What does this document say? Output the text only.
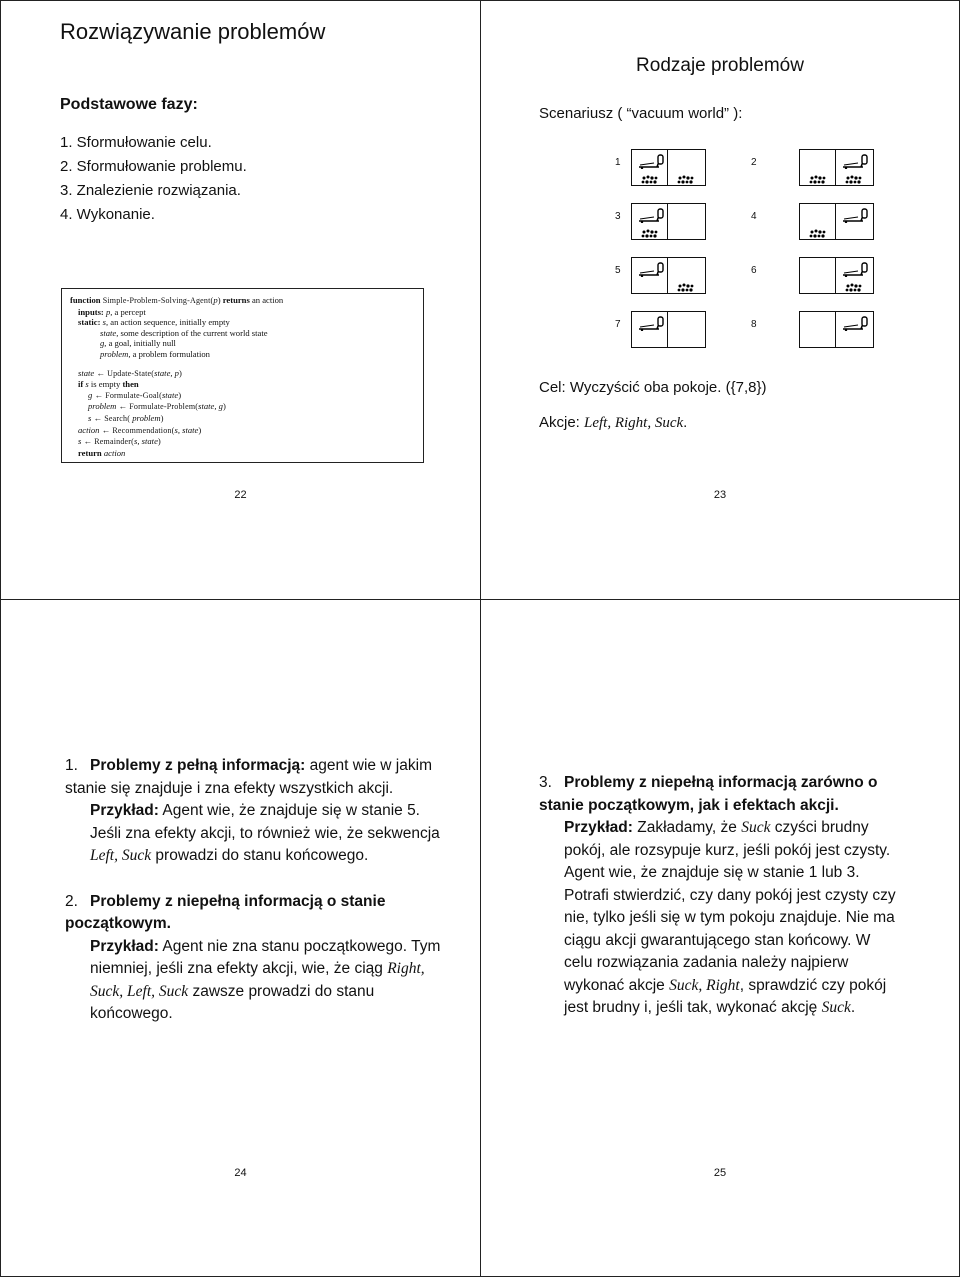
Rozwiązywanie problemów
Podstawowe fazy:
1. Sformułowanie celu.
2. Sformułowanie problemu.
3. Znalezienie rozwiązania.
4. Wykonanie.
function Simple-Problem-Solving-Agent(p) returns an action
inputs: p, a percept
static: s, an action sequence, initially empty
state, some description of the current world state
g, a goal, initially null
problem, a problem formulation
state ← Update-State(state, p)
if s is empty then
g ← Formulate-Goal(state)
problem ← Formulate-Problem(state, g)
s ← Search( problem)
action ← Recommendation(s, state)
s ← Remainder(s, state)
return action
22
Rodzaje problemów
Scenariusz ( “vacuum world” ):
1	2
3	4
5	6
7	8
Cel: Wyczyścić oba pokoje. ({7,8})
Akcje: Left, Right, Suck.
23

1. Problemy z pełną informacją: agent wie w jakim stanie się znajduje i zna efekty wszystkich akcji.

Przykład: Agent wie, że znajduje się w stanie 5. Jeśli zna efekty akcji, to również wie, że sekwencja Left, Suck prowadzi do stanu końcowego.

2. Problemy z niepełną informacją o stanie początkowym.

Przykład: Agent nie zna stanu początkowego. Tym niemniej, jeśli zna efekty akcji, wie, że ciąg Right, Suck, Left, Suck zawsze prowadzi do stanu końcowego.

24

3. Problemy z niepełną informacją zarówno o stanie początkowym, jak i efektach akcji.

Przykład: Zakładamy, że Suck czyści brudny pokój, ale rozsypuje kurz, jeśli pokój jest czysty. Agent wie, że znajduje się w stanie 1 lub 3. Potrafi stwierdzić, czy dany pokój jest czysty czy nie, tylko jeśli się w tym pokoju znajduje. Nie ma ciągu akcji gwarantującego stan końcowy. W celu rozwiązania zadania należy najpierw wykonać akcje Suck, Right, sprawdzić czy pokój jest brudny i, jeśli tak, wykonać akcję Suck.

25
